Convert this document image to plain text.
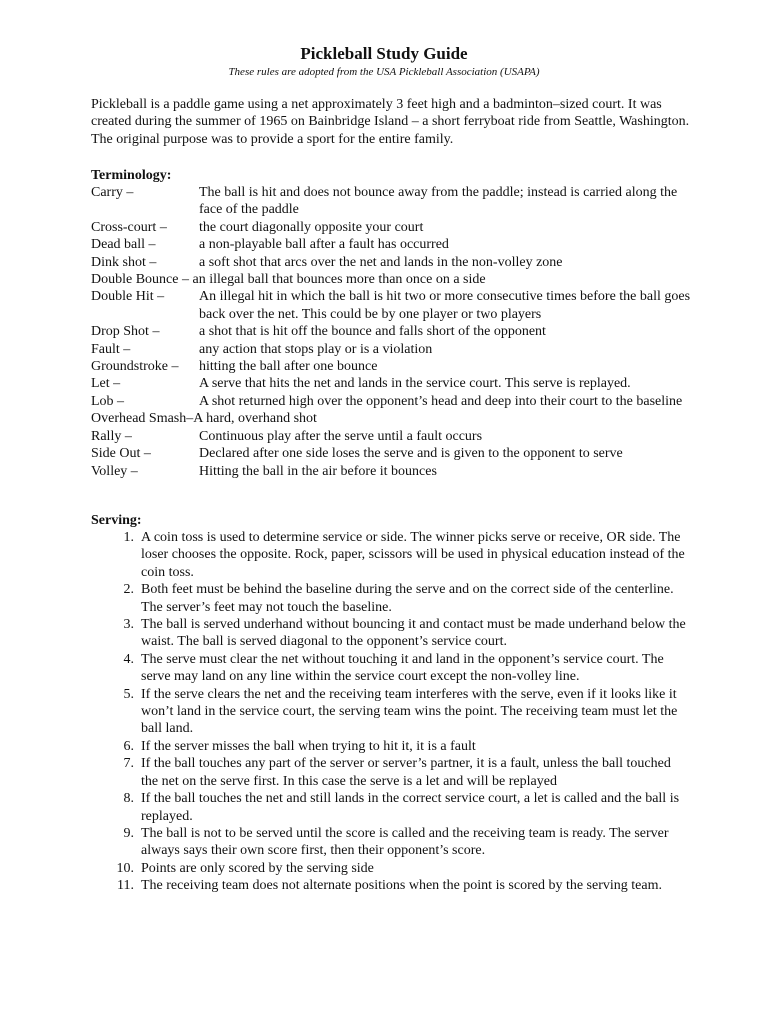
Pickleball Study Guide
These rules are adopted from the USA Pickleball Association (USAPA)

Pickleball is a paddle game using a net approximately 3 feet high and a badminton–sized court. It was created during the summer of 1965 on Bainbridge Island – a short ferryboat ride from Seattle, Washington. The original purpose was to provide a sport for the entire family.

Terminology:

Carry –	The ball is hit and does not bounce away from the paddle; instead is carried along the face of the paddle
Cross-court –	the court diagonally opposite your court
Dead ball –	a non-playable ball after a fault has occurred
Dink shot –	a soft shot that arcs over the net and lands in the non-volley zone
Double Bounce – an illegal ball that bounces more than once on a side	
Double Hit –	An illegal hit in which the ball is hit two or more consecutive times before the ball goes back over the net. This could be by one player or two players
Drop Shot –	a shot that is hit off the bounce and falls short of the opponent
Fault –	any action that stops play or is a violation
Groundstroke –	hitting the ball after one bounce
Let –	A serve that hits the net and lands in the service court. This serve is replayed.
Lob –	A shot returned high over the opponent’s head and deep into their court to the baseline
Overhead Smash–A hard, overhand shot	
Rally –	Continuous play after the serve until a fault occurs
Side Out –	Declared after one side loses the serve and is given to the opponent to serve
Volley –	Hitting the ball in the air before it bounces

Serving:

1. A coin toss is used to determine service or side. The winner picks serve or receive, OR side. The loser chooses the opposite. Rock, paper, scissors will be used in physical education instead of the coin toss.
2. Both feet must be behind the baseline during the serve and on the correct side of the centerline. The server’s feet may not touch the baseline.
3. The ball is served underhand without bouncing it and contact must be made underhand below the waist. The ball is served diagonal to the opponent’s service court.
4. The serve must clear the net without touching it and land in the opponent’s service court. The serve may land on any line within the service court except the non-volley line.
5. If the serve clears the net and the receiving team interferes with the serve, even if it looks like it won’t land in the service court, the serving team wins the point. The receiving team must let the ball land.
6. If the server misses the ball when trying to hit it, it is a fault
7. If the ball touches any part of the server or server’s partner, it is a fault, unless the ball touched the net on the serve first. In this case the serve is a let and will be replayed
8. If the ball touches the net and still lands in the correct service court, a let is called and the ball is replayed.
9. The ball is not to be served until the score is called and the receiving team is ready. The server always says their own score first, then their opponent’s score.
10. Points are only scored by the serving side
11. The receiving team does not alternate positions when the point is scored by the serving team.
